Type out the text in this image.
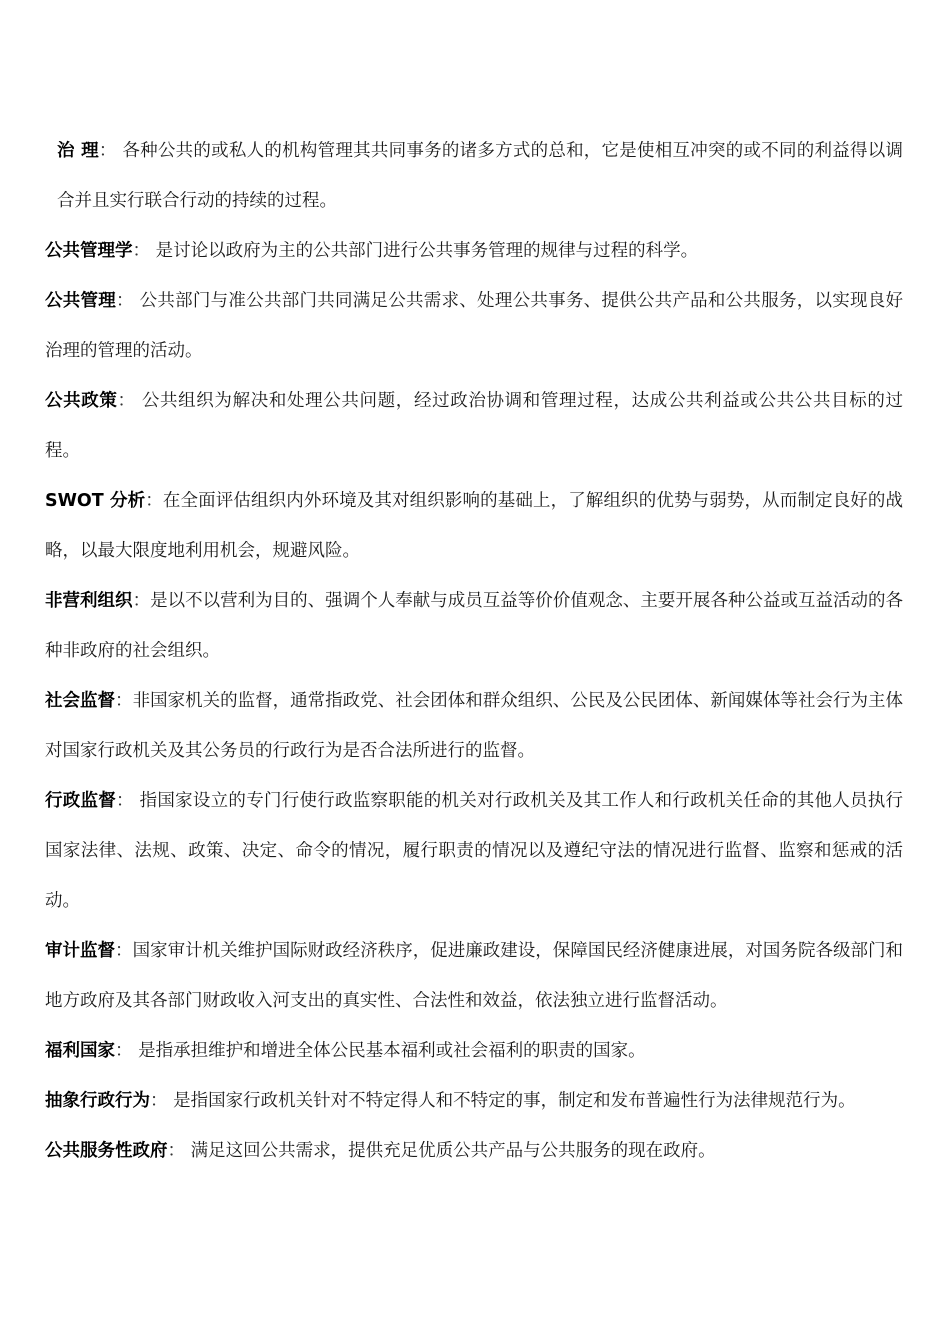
治 理： 各种公共的或私人的机构管理其共同事务的诸多方式的总和，它是使相互冲突的或不同的利益得以调合并且实行联合行动的持续的过程。

公共管理学： 是讨论以政府为主的公共部门进行公共事务管理的规律与过程的科学。

公共管理： 公共部门与准公共部门共同满足公共需求、处理公共事务、提供公共产品和公共服务，以实现良好治理的管理的活动。

公共政策： 公共组织为解决和处理公共问题，经过政治协调和管理过程，达成公共利益或公共公共目标的过程。

SWOT 分析：在全面评估组织内外环境及其对组织影响的基础上，了解组织的优势与弱势，从而制定良好的战略，以最大限度地利用机会，规避风险。

非营利组织：是以不以营利为目的、强调个人奉献与成员互益等价价值观念、主要开展各种公益或互益活动的各种非政府的社会组织。

社会监督：非国家机关的监督，通常指政党、社会团体和群众组织、公民及公民团体、新闻媒体等社会行为主体对国家行政机关及其公务员的行政行为是否合法所进行的监督。

行政监督： 指国家设立的专门行使行政监察职能的机关对行政机关及其工作人和行政机关任命的其他人员执行国家法律、法规、政策、决定、命令的情况，履行职责的情况以及遵纪守法的情况进行监督、监察和惩戒的活动。

审计监督：国家审计机关维护国际财政经济秩序，促进廉政建设，保障国民经济健康进展，对国务院各级部门和地方政府及其各部门财政收入河支出的真实性、合法性和效益，依法独立进行监督活动。

福利国家： 是指承担维护和增进全体公民基本福利或社会福利的职责的国家。

抽象行政行为： 是指国家行政机关针对不特定得人和不特定的事，制定和发布普遍性行为法律规范行为。

公共服务性政府： 满足这回公共需求，提供充足优质公共产品与公共服务的现在政府。
